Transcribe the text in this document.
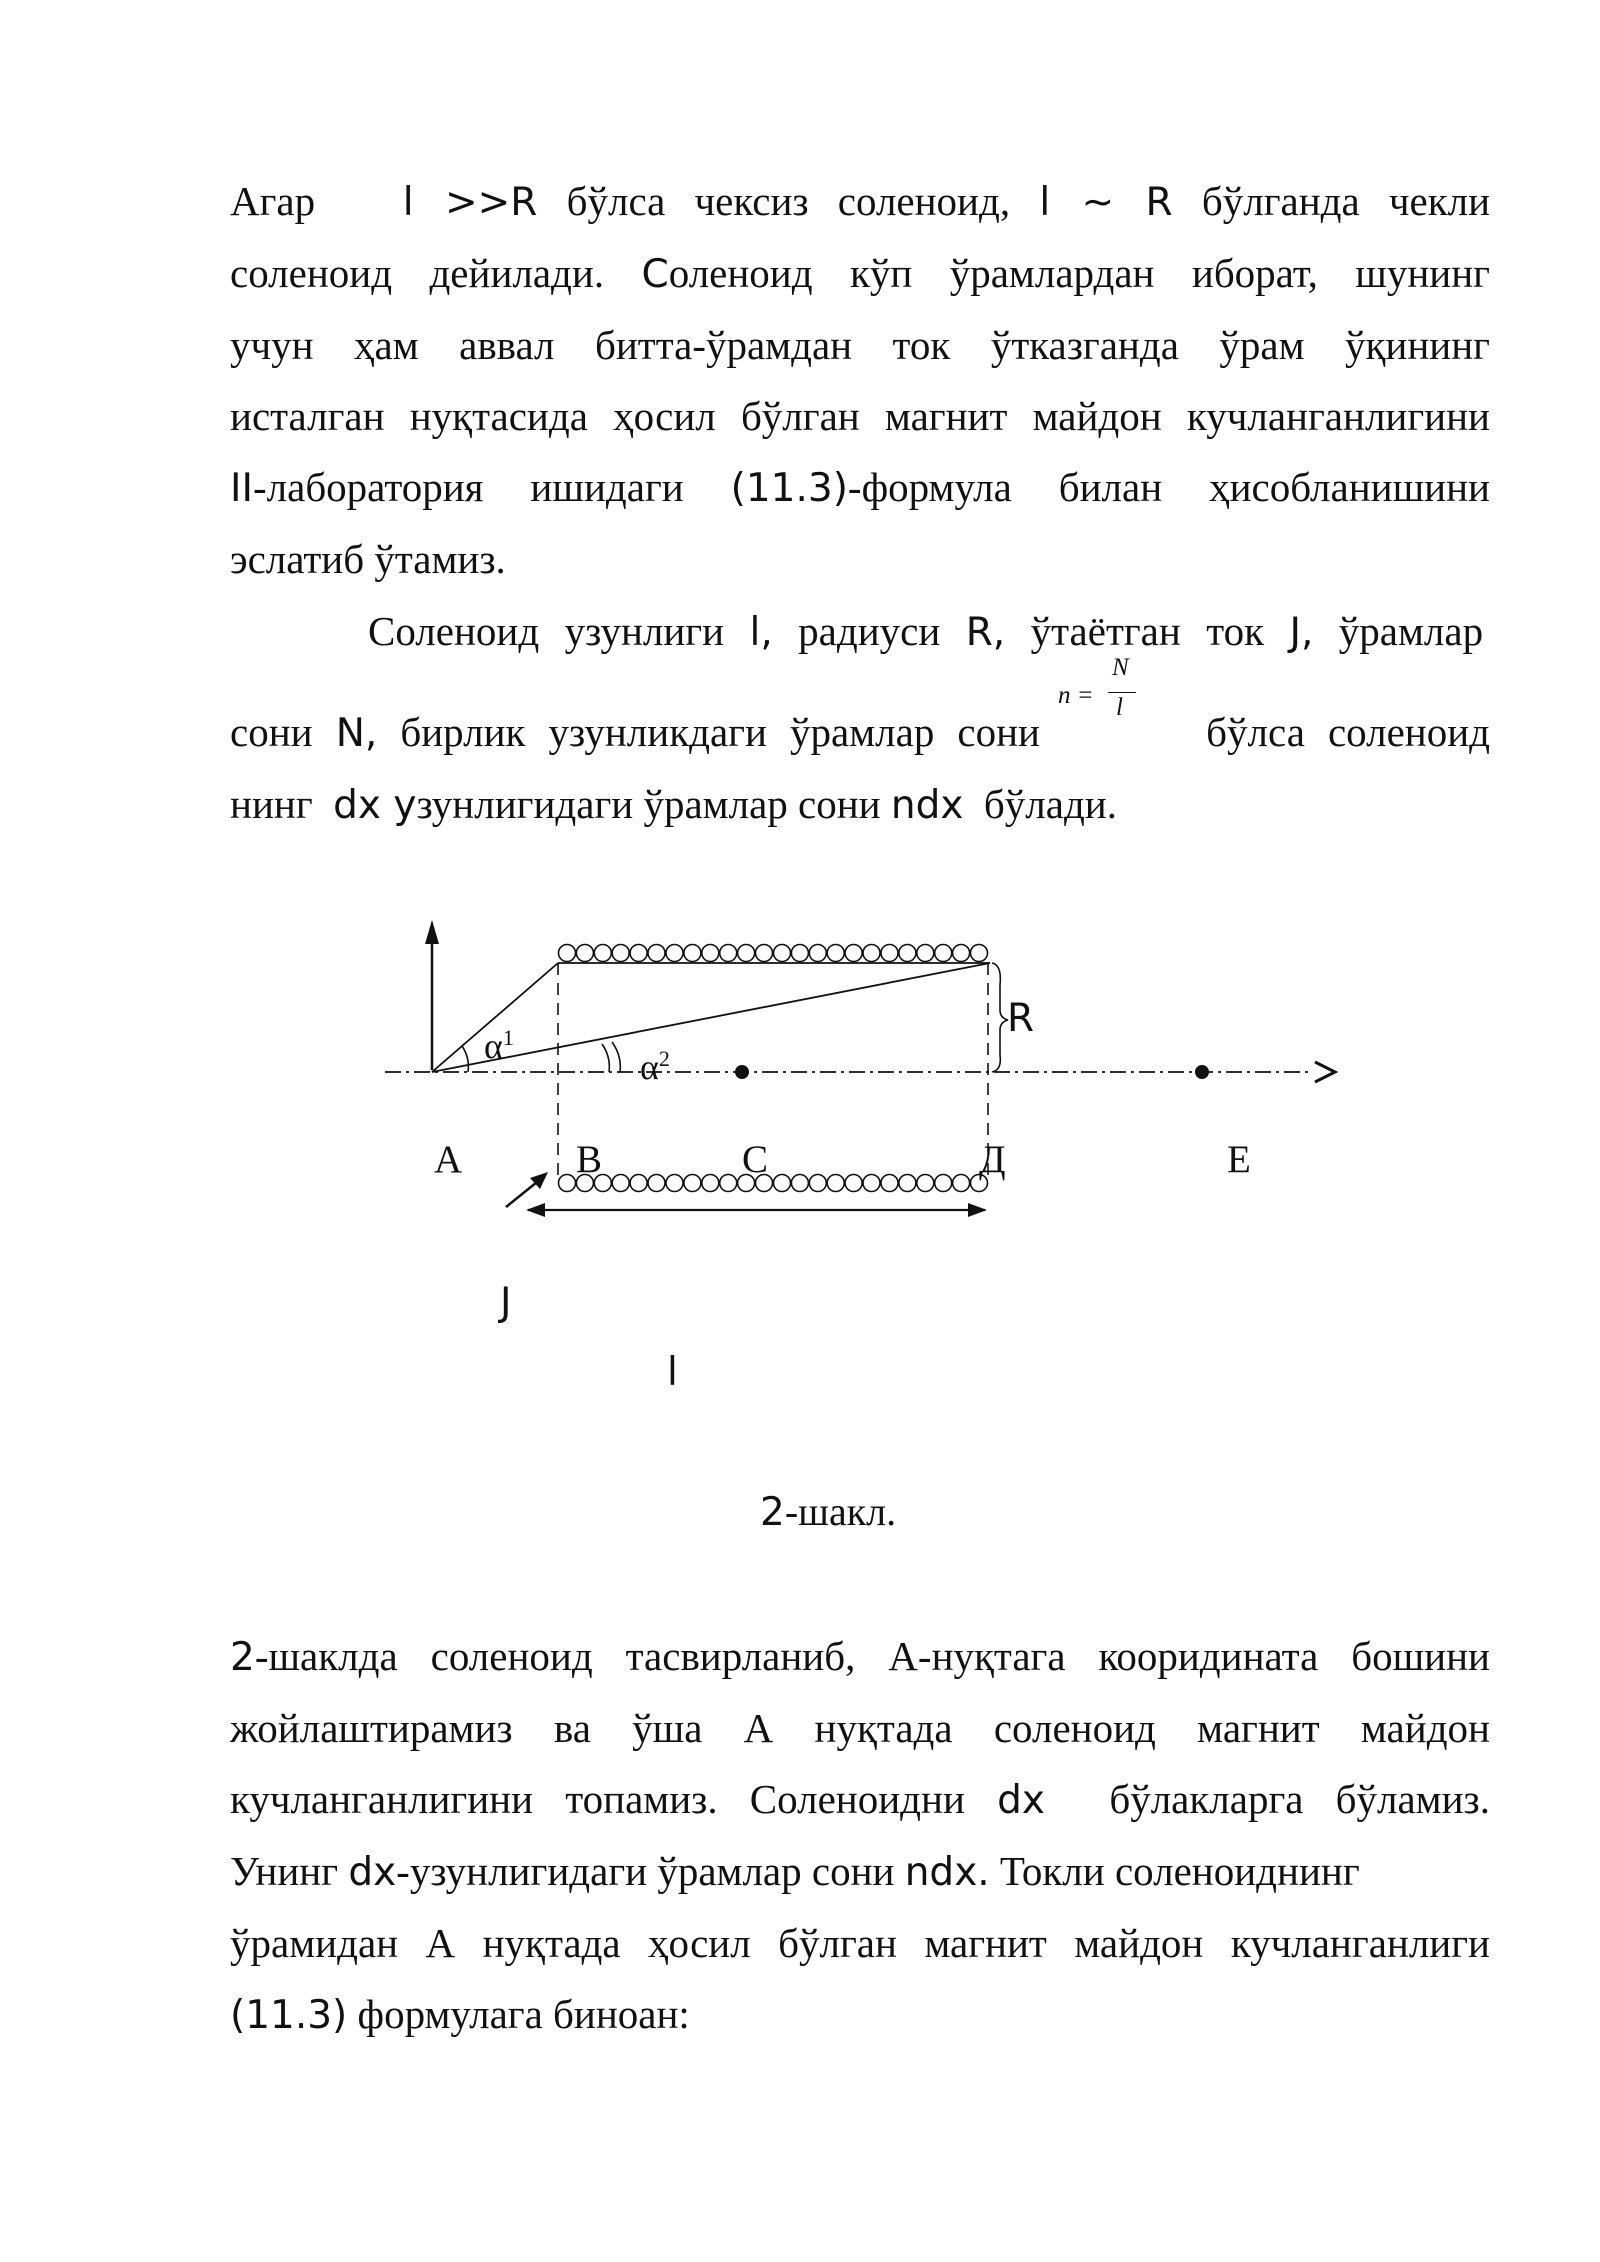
Агар l >>R бўлса чексиз соленоид, l ~ R бўлганда чекли
соленоид дейилади. Соленоид кўп ўрамлардан иборат, шунинг
учун ҳам аввал битта-ўрамдан ток ўтказганда ўрам ўқининг
исталган нуқтасида ҳосил бўлган магнит майдон кучланганлигини
II-лаборатория ишидаги (11.3)-формула билан ҳисобланишини
эслатиб ўтамиз.
Соленоид узунлиги l, радиуси R, ўтаётган ток J, ўрамлар
сони N, бирлик узунликдаги ўрамлар сони	бўлса соленоид
нинг dx узунлигидаги ўрамлар сони ndx бўлади.
n =
N
l
$\alpha^1$
$\alpha^2$
R
А	В	С	Д	Е
J
l
2-шакл.
2-шаклда соленоид тасвирланиб, А-нуқтага кооридината бошини
жойлаштирамиз ва ўша А нуқтада соленоид магнит майдон
кучланганлигини топамиз. Соленоидни dx бўлакларга бўламиз.
Унинг dx-узунлигидаги ўрамлар сони ndx. Токли соленоиднинг
ўрамидан А нуқтада ҳосил бўлган магнит майдон кучланганлиги
(11.3) формулага биноан:
